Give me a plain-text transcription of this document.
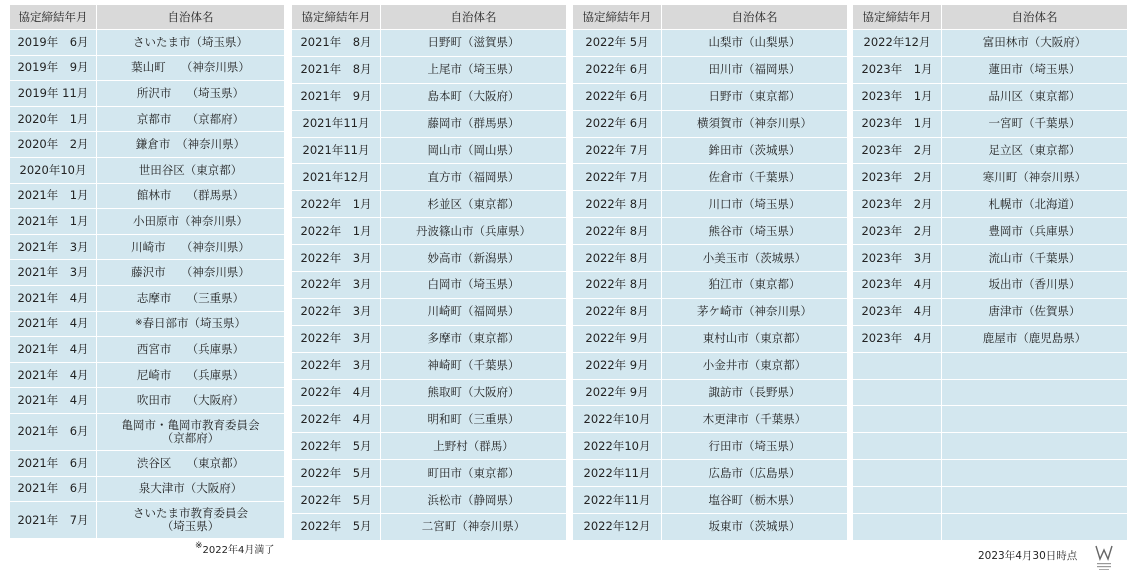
協定締結年月	自治体名
2019年　6月	さいたま市（埼玉県）
2019年　9月	葉山町　 （神奈川県）
2019年 11月	所沢市　 （埼玉県）
2020年　1月	京都市　 （京都府）
2020年　2月	鎌倉市　（神奈川県）
2020年10月	世田谷区（東京都）
2021年　1月	館林市　 （群馬県）
2021年　1月	小田原市（神奈川県）
2021年　3月	川崎市　 （神奈川県）
2021年　3月	藤沢市　 （神奈川県）
2021年　4月	志摩市　 （三重県）
2021年　4月	※春日部市（埼玉県）
2021年　4月	西宮市　 （兵庫県）
2021年　4月	尼崎市　 （兵庫県）
2021年　4月	吹田市　 （大阪府）
2021年　6月	亀岡市・亀岡市教育委員会
（京都府）

2021年　6月	渋谷区　 （東京都）
2021年　6月	泉大津市（大阪府）
2021年　7月	さいたま市教育委員会
（埼玉県）
協定締結年月	自治体名
2021年　8月	日野町（滋賀県）
2021年　8月	上尾市（埼玉県）
2021年　9月	島本町（大阪府）
2021年11月	藤岡市（群馬県）
2021年11月	岡山市（岡山県）
2021年12月	直方市（福岡県）
2022年　1月	杉並区（東京都）
2022年　1月	丹波篠山市（兵庫県）
2022年　3月	妙高市（新潟県）
2022年　3月	白岡市（埼玉県）
2022年　3月	川崎町（福岡県）
2022年　3月	多摩市（東京都）
2022年　3月	神崎町（千葉県）
2022年　4月	熊取町（大阪府）
2022年　4月	明和町（三重県）
2022年　5月	上野村（群馬）
2022年　5月	町田市（東京都）
2022年　5月	浜松市（静岡県）
2022年　5月	二宮町（神奈川県）
協定締結年月	自治体名
2022年 5月	山梨市（山梨県）
2022年 6月	田川市（福岡県）
2022年 6月	日野市（東京都）
2022年 6月	横須賀市（神奈川県）
2022年 7月	鉾田市（茨城県）
2022年 7月	佐倉市（千葉県）
2022年 8月	川口市（埼玉県）
2022年 8月	熊谷市（埼玉県）
2022年 8月	小美玉市（茨城県）
2022年 8月	狛江市（東京都）
2022年 8月	茅ケ崎市（神奈川県）
2022年 9月	東村山市（東京都）
2022年 9月	小金井市（東京都）
2022年 9月	諏訪市（長野県）
2022年10月	木更津市（千葉県）
2022年10月	行田市（埼玉県）
2022年11月	広島市（広島県）
2022年11月	塩谷町（栃木県）
2022年12月	坂東市（茨城県）
協定締結年月	自治体名
2022年12月	富田林市（大阪府）
2023年　1月	蓮田市（埼玉県）
2023年　1月	品川区（東京都）
2023年　1月	一宮町（千葉県）
2023年　2月	足立区（東京都）
2023年　2月	寒川町（神奈川県）
2023年　2月	札幌市（北海道）
2023年　2月	豊岡市（兵庫県）
2023年　3月	流山市（千葉県）
2023年　4月	坂出市（香川県）
2023年　4月	唐津市（佐賀県）
2023年　4月	鹿屋市（鹿児島県）

※2022年4月満了	2023年4月30日時点
